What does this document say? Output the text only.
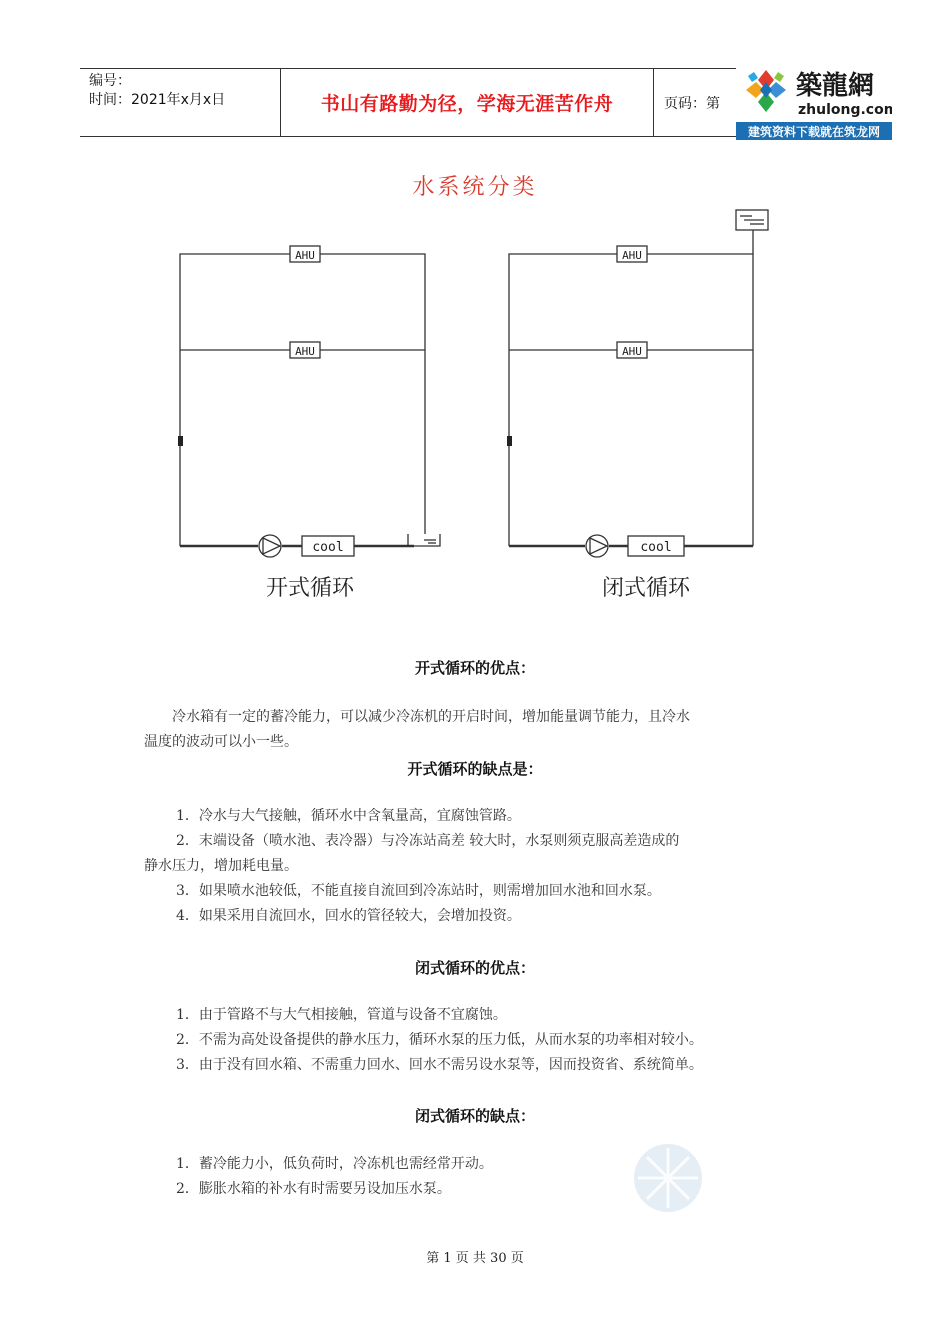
编号：
时间：2021年x月x日	书山有路勤为径，学海无涯苦作舟	页码：第
築龍網
zhulong.com
建筑资料下载就在筑龙网
水系统分类
AHU
AHU
AHU
AHU
cool	cool
开式循环	闭式循环
开式循环的优点：
冷水箱有一定的蓄冷能力，可以减少冷冻机的开启时间，增加能量调节能力，且冷水
温度的波动可以小一些。
开式循环的缺点是：
1．冷水与大气接触，循环水中含氧量高，宜腐蚀管路。
2．末端设备（喷水池、表冷器）与冷冻站高差 较大时，水泵则须克服高差造成的
静水压力，增加耗电量。
3．如果喷水池较低，不能直接自流回到冷冻站时，则需增加回水池和回水泵。
4．如果采用自流回水，回水的管径较大，会增加投资。
闭式循环的优点：
1．由于管路不与大气相接触，管道与设备不宜腐蚀。
2．不需为高处设备提供的静水压力，循环水泵的压力低，从而水泵的功率相对较小。
3．由于没有回水箱、不需重力回水、回水不需另设水泵等，因而投资省、系统简单。
闭式循环的缺点：
1．蓄冷能力小，低负荷时，冷冻机也需经常开动。
2．膨胀水箱的补水有时需要另设加压水泵。
第 1 页 共 30 页
